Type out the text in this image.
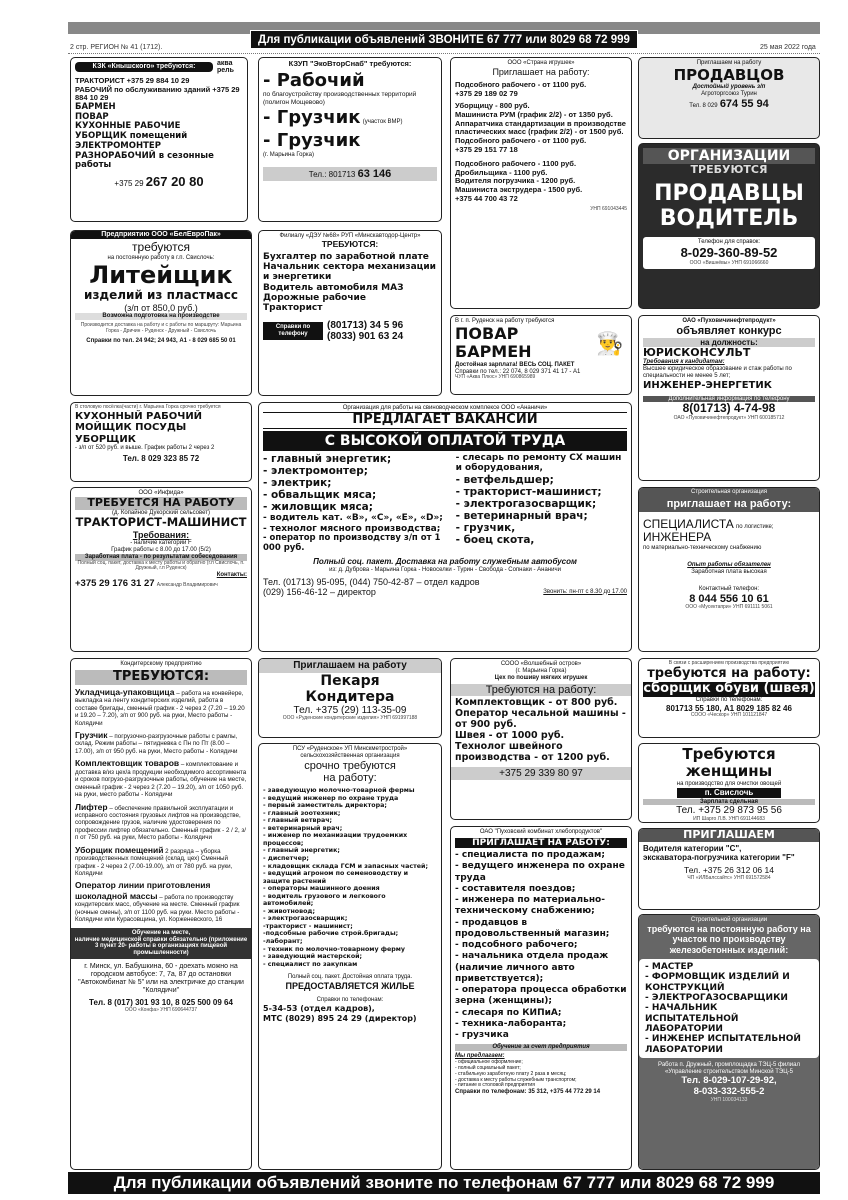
Для публикации объявлений ЗВОНИТЕ 67 777 или 8029 68 72 999
2 стр. РЕГИОН № 41 (1712).	25 мая 2022 года
КЗК «Кнышского» требуются:	аква рель
ТРАКТОРИСТ +375 29 884 10 29
РАБОЧИЙ по обслуживанию зданий +375 29 884 10 29
БАРМЕН
ПОВАР
КУХОННЫЕ РАБОЧИЕ
УБОРЩИК помещений
ЭЛЕКТРОМОНТЕР
РАЗНОРАБОЧИЙ в сезонные работы
+375 29 267 20 80
КЗУП "ЭкоВторСнаб" требуются:
- Рабочий
по благоустройству производственных территорий (полигон Мощевово)
- Грузчик (участок ВМР)
- Грузчик
(г. Марьина Горка)
Тел.: 801713 63 146
ООО «Страна игрушек»
Приглашает на работу:
Подсобного рабочего - от 1100 руб.
+375 29 189 02 79
Уборщицу - 800 руб.
Машиниста РУМ (график 2/2) - от 1350 руб.
Аппаратчика стандартизации в производстве пластических масс (график 2/2) - от 1500 руб.
Подсобного рабочего - от 1100 руб.
+375 29 151 77 18
Подсобного рабочего - 1100 руб.
Дробильщика - 1100 руб.
Водителя погрузчика - 1200 руб.
Машиниста экструдера - 1500 руб.
+375 44 700 43 72
УНП 691043445
Приглашаем на работу
ПРОДАВЦОВ
Достойный уровень з/п
Агроторгсоюз Турин
Тел. 8 029 674 55 94
ОРГАНИЗАЦИИ
ТРЕБУЮТСЯ
ПРОДАВЦЫ
ВОДИТЕЛЬ
Телефон для справок:
8-029-360-89-52
ООО «Вишнёвы» УНП 691066660
Предприятию ООО «БелЕвроПак»
требуются
на постоянную работу в г.п. Свислочь:
Литейщик
изделий из пластмасс
(з/п от 850,0 руб.)
Возможна подготовка на производстве
Производится доставка на работу и с работы по маршруту: Марьина Горка - Дричин - Руденск - Дружный - Свислочь
Справки по тел. 24 942; 24 943, А1 - 8 029 685 50 01
Филиалу «ДЭУ №68» РУП «Минскавтодор-Центр»
ТРЕБУЮТСЯ:
Бухгалтер по заработной плате
Начальник сектора механизации и энергетики
Водитель автомобиля МАЗ
Дорожные рабочие
Тракторист
Справки по телефону
(801713) 34 5 96
(8033) 901 63 24
В г. п. Руденск на работу требуются
ПОВАР
БАРМЕН	👨‍🍳
Достойная зарплата! ВЕСЬ СОЦ. ПАКЕТ
Справки по тел.: 22 074, 8 029 371 41 17 - А1
ЧУП «Аква Плюс» УНП 690865989
ОАО «Пуховичинефтепродукт»
объявляет конкурс
на должность:
ЮРИСКОНСУЛЬТ
Требования к кандидатам:
Высшее юридическое образование и стаж работы по специальности не менее 5 лет;
ИНЖЕНЕР-ЭНЕРГЕТИК
Дополнительная информация по телефону
8(01713) 4-74-98
ОАО «Пуховичинефтепродукт» УНП 600185712
В столовую посёлка(части) г. Марьина Горка срочно требуется
КУХОННЫЙ РАБОЧИЙ
МОЙЩИК ПОСУДЫ
УБОРЩИК
- з/п от 520 руб. и выше. График работы 2 через 2
Тел. 8 029 323 85 72
Организация для работы на свиноводческом комплексе ООО «Ананичи»
ПРЕДЛАГАЕТ ВАКАНСИИ
С ВЫСОКОЙ ОПЛАТОЙ ТРУДА
- главный энергетик;
- электромонтер;
- электрик;
- обвальщик мяса;
- жиловщик мяса;
- водитель кат. «В», «С», «Е», «D»;
- технолог мясного производства;
- оператор по производству з/п от 1 000 руб.
- слесарь по ремонту СХ машин и оборудования,
- ветфельдшер;
- тракторист-машинист;
- электрогазосварщик;
- ветеринарный врач;
- грузчик,
- боец скота,
Полный соц. пакет. Доставка на работу служебным автобусом
из: д. Дуброва - Марьина Горка - Новоселки - Турин - Свобода - Сопнаки - Ананичи
Тел. (01713) 95-095, (044) 750-42-87 – отдел кадров
(029) 156-46-12 – директор	Звонить: пн-пт с 8.30 до 17.00
ООО «Инфида»
ТРЕБУЕТСЯ НА РАБОТУ
(д. Копайное Дукорский сельсовет)
ТРАКТОРИСТ-МАШИНИСТ
Требования:
- наличие категории F
График работы с 8.00 до 17.00 (5/2)
Заработная плата - по результатам собеседования
Полный соц. пакет, доставка к месту работы и обратно (г.п Свислочь, п. Дружный, г.п Руденск)
Контакты:
+375 29 176 31 27 Александр Владимирович
Строительная организация
приглашает на работу:
СПЕЦИАЛИСТА по логистике;
ИНЖЕНЕРА
по материально-техническому снабжению
Опыт работы обязателен
Заработная плата высокая
Контактный телефон:
8 044 556 10 61
ООО «Мусектапри» УНП 691111 5061
Кондитерскому предприятию
ТРЕБУЮТСЯ:

Укладчица-упаковщица – работа на конвейере, выкладка на ленту кондитерских изделий, работа в составе бригады, сменный график - 2 через 2 (7.20 – 19.20 и 19.20 – 7.20), з/п от 900 руб. на руки, Место работы - Колядичи

Грузчик – погрузочно-разгрузочные работы с рамлы, склад. Режим работы – пятидневка с Пн по Пт (8.00 – 17.00), з/п от 950 руб. на руки, Место работы - Колядичи

Комплектовщик товаров – комплектование и доставка в/из цех/а продукции необходимого ассортимента и сроков погрузо-разгрузочные работы, обучение на месте, сменный график - 2 через 2 (7.20 – 19.20), з/п от 1050 руб. на руки, место работы - Колядичи

Лифтер – обеспечение правильной эксплуатации и исправного состояния грузовых лифтов на производстве, сопровождение грузов, наличие удостоверения по профессии лифтер обязательно. Сменный график - 2 / 2, з/п от 750 руб. на руки, Место работы - Колядичи

Уборщик помещений 2 разряда – уборка производственных помещений (склад, цех) Сменный график - 2 через 2 (7.00-19.00), з/п от 780 руб. на руки, Колядичи

Оператор линии приготовления шоколадной массы – работа по производству кондитерских масс, обучение на месте. Сменный график (ночные смены), з/п от 1100 руб. на руки. Место работы - Колядичи или Курасовщина, ул. Корженевского, 16

Обучение на месте,
наличие медицинской справки обязательно (приложение 3 пункт 20- работы в организациях пищевой промышленности)
г. Минск, ул. Бабушкина, 60 - доехать можно на городском автобусе: 7, 7а, 87 до остановки "Автокомбинат № 5" или на электричке до станции "Колядичи"
Тел. 8 (017) 301 93 10, 8 025 500 09 64
ООО «Конфа» УНП 690644737
Приглашаем на работу
Пекаря
Кондитера
Тел. +375 (29) 113-35-09
ООО «Руденские кондитерские изделия» УНП 691997188
СООО «Волшебный остров»
(г. Марьина Горка)
Цех по пошиву мягких игрушек
Требуются на работу:
Комплектовщик - от 800 руб.
Оператор чесальной машины - от 900 руб.
Швея - от 1000 руб.
Технолог швейного производства - от 1200 руб.
+375 29 339 80 97
В связи с расширением производства предприятию
требуются на работу:
сборщик обуви (швея)
Справки по телефонам:
801713 55 180, А1 8029 185 82 46
СООО «Ческор» УНП 101121847
ПСУ «Руденское» УП Минскметрострой»
сельскохозяйственная организация
срочно требуются
на работу:
- заведующую молочно-товарной фермы
- ведущий инженер по охране труда
- первый заместитель директора;
- главный зоотехник;
- главный ветврач;
- ветеринарный врач;
- инженер по механизации трудоемких процессов;
- главный энергетик;
- диспетчер;
- кладовщик склада ГСМ и запасных частей;
- ведущий агроном по семеноводству и защите растений
- операторы машинного доения
- водитель грузового и легкового автомобилей;
- животновод;
- электрогазосварщик;
-тракторист - машинист;
-подсобные рабочие строй.бригады;
-лаборант;
- техник по молочно-товарному ферму
- заведующий мастерской;
- специалист по закупкам
Полный соц. пакет. Достойная оплата труда.
ПРЕДОСТАВЛЯЕТСЯ ЖИЛЬЕ
Справки по телефонам:
5-34-53 (отдел кадров),
МТС (8029) 895 24 29 (директор)
Требуются женщины
на производство для очистки овощей
п. Свислочь
Зарплата сдельная
Тел. +375 29 873 95 56
ИП Шарго Л.В. УНП 691144683
ОАО "Пуховский комбинат хлебопродуктов"
ПРИГЛАШАЕТ НА РАБОТУ:
- специалиста по продажам;
- ведущего инженера по охране труда
- составителя поездов;
- инженера по материально-техническому снабжению;
- продавцов в продовольственный магазин;
- подсобного рабочего;
- начальника отдела продаж (наличие личного авто приветствуется);
- оператора процесса обработки зерна (женщины);
- слесаря по КИПиА;
- техника-лаборанта;
- грузчика
Обучение за счет предприятия
Мы предлагаем:
- официальное оформление;
- полный социальный пакет;
- стабильную заработную плату 2 раза в месяц;
- доставка к месту работы служебным транспортом;
- питание в столовой предприятия
Справки по телефонам: 35 312, +375 44 772 29 14
ПРИГЛАШАЕМ
Водителя категории "С",
экскаватора-погрузчика категории "F"
Тел. +375 26 312 06 14
ЧП «ИЛБалссайтс» УНП 691572584
Строительной организации
требуются на постоянную работу на участок по производству железобетонных изделий:
- МАСТЕР
- ФОРМОВЩИК ИЗДЕЛИЙ И КОНСТРУКЦИЙ
- ЭЛЕКТРОГАЗОСВАРЩИКИ
- НАЧАЛЬНИК ИСПЫТАТЕЛЬНОЙ ЛАБОРАТОРИИ
- ИНЖЕНЕР ИСПЫТАТЕЛЬНОЙ ЛАБОРАТОРИИ
Работа п. Дружный, промплощадка ТЭЦ-5 филиал «Управление строительством Минской ТЭЦ-5
Тел. 8-029-107-29-92,
8-033-332-555-2
УНП 100034133
Для публикации объявлений звоните по телефонам 67 777 или 8029 68 72 999
